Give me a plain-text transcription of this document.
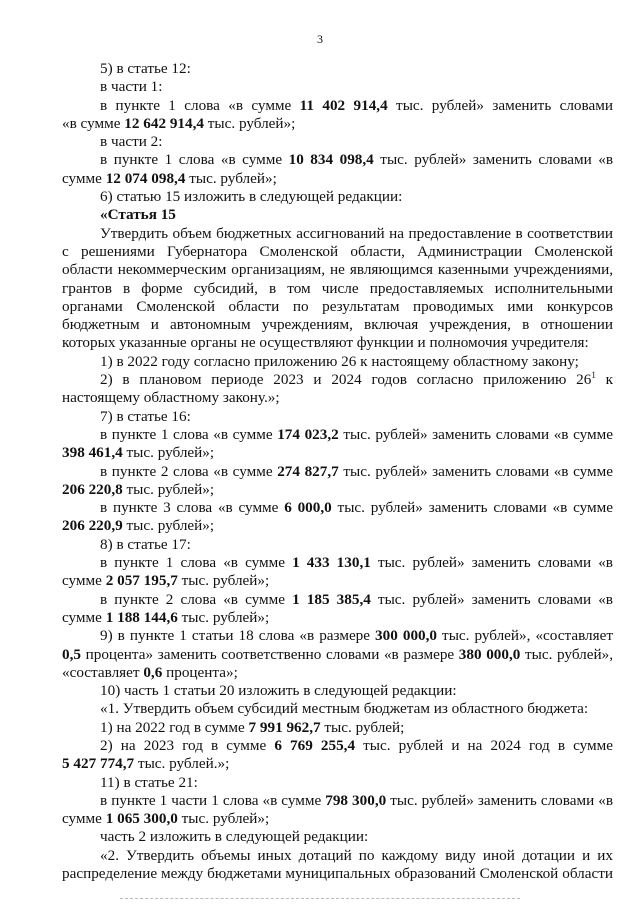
3

5) в статье 12:

в части 1:

в пункте 1 слова «в сумме 11 402 914,4 тыс. рублей» заменить словами

«в сумме 12 642 914,4 тыс. рублей»;

в части 2:

в пункте 1 слова «в сумме 10 834 098,4 тыс. рублей» заменить словами «в

сумме 12 074 098,4 тыс. рублей»;

6) статью 15 изложить в следующей редакции:

«Статья 15

Утвердить объем бюджетных ассигнований на предоставление в соответствии

с решениями Губернатора Смоленской области, Администрации Смоленской

области некоммерческим организациям, не являющимся казенными учреждениями,

грантов в форме субсидий, в том числе предоставляемых исполнительными

органами Смоленской области по результатам проводимых ими конкурсов

бюджетным и автономным учреждениям, включая учреждения, в отношении

которых указанные органы не осуществляют функции и полномочия учредителя:

1) в 2022 году согласно приложению 26 к настоящему областному закону;

2) в плановом периоде 2023 и 2024 годов согласно приложению $26^1$ к

настоящему областному закону.»;

7) в статье 16:

в пункте 1 слова «в сумме 174 023,2 тыс. рублей» заменить словами «в сумме

398 461,4 тыс. рублей»;

в пункте 2 слова «в сумме 274 827,7 тыс. рублей» заменить словами «в сумме

206 220,8 тыс. рублей»;

в пункте 3 слова «в сумме 6 000,0 тыс. рублей» заменить словами «в сумме

206 220,9 тыс. рублей»;

8) в статье 17:

в пункте 1 слова «в сумме 1 433 130,1 тыс. рублей» заменить словами «в

сумме 2 057 195,7 тыс. рублей»;

в пункте 2 слова «в сумме 1 185 385,4 тыс. рублей» заменить словами «в

сумме 1 188 144,6 тыс. рублей»;

9) в пункте 1 статьи 18 слова «в размере 300 000,0 тыс. рублей», «составляет

0,5 процента» заменить соответственно словами «в размере 380 000,0 тыс. рублей»,

«составляет 0,6 процента»;

10) часть 1 статьи 20 изложить в следующей редакции:

«1. Утвердить объем субсидий местным бюджетам из областного бюджета:

1) на 2022 год в сумме 7 991 962,7 тыс. рублей;

2) на 2023 год в сумме 6 769 255,4 тыс. рублей и на 2024 год в сумме

5 427 774,7 тыс. рублей.»;

11) в статье 21:

в пункте 1 части 1 слова «в сумме 798 300,0 тыс. рублей» заменить словами «в

сумме 1 065 300,0 тыс. рублей»;

часть 2 изложить в следующей редакции:

«2. Утвердить объемы иных дотаций по каждому виду иной дотации и их

распределение между бюджетами муниципальных образований Смоленской области
